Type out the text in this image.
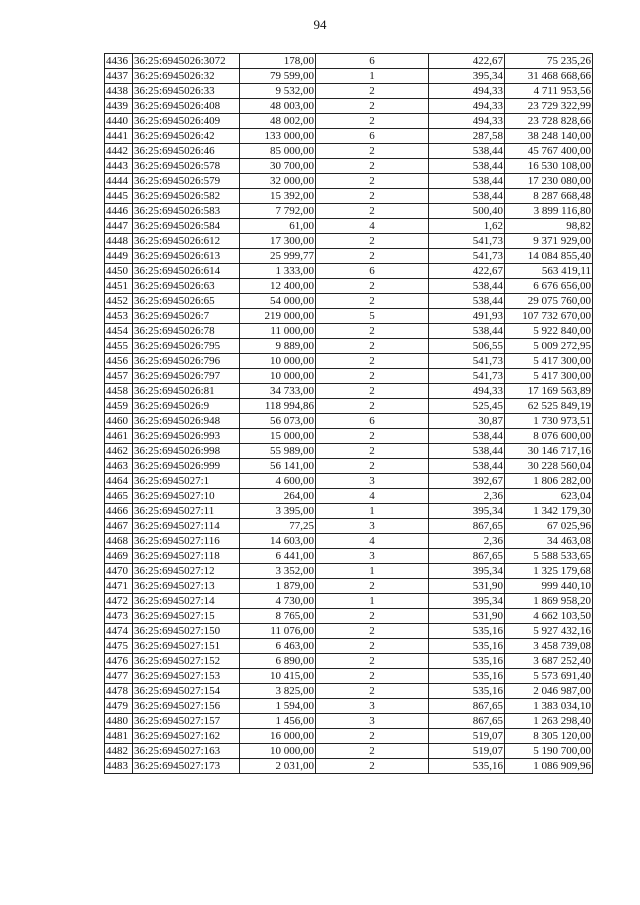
94
4436	36:25:6945026:3072	178,00	6	422,67	75 235,26
4437	36:25:6945026:32	79 599,00	1	395,34	31 468 668,66
4438	36:25:6945026:33	9 532,00	2	494,33	4 711 953,56
4439	36:25:6945026:408	48 003,00	2	494,33	23 729 322,99
4440	36:25:6945026:409	48 002,00	2	494,33	23 728 828,66
4441	36:25:6945026:42	133 000,00	6	287,58	38 248 140,00
4442	36:25:6945026:46	85 000,00	2	538,44	45 767 400,00
4443	36:25:6945026:578	30 700,00	2	538,44	16 530 108,00
4444	36:25:6945026:579	32 000,00	2	538,44	17 230 080,00
4445	36:25:6945026:582	15 392,00	2	538,44	8 287 668,48
4446	36:25:6945026:583	7 792,00	2	500,40	3 899 116,80
4447	36:25:6945026:584	61,00	4	1,62	98,82
4448	36:25:6945026:612	17 300,00	2	541,73	9 371 929,00
4449	36:25:6945026:613	25 999,77	2	541,73	14 084 855,40
4450	36:25:6945026:614	1 333,00	6	422,67	563 419,11
4451	36:25:6945026:63	12 400,00	2	538,44	6 676 656,00
4452	36:25:6945026:65	54 000,00	2	538,44	29 075 760,00
4453	36:25:6945026:7	219 000,00	5	491,93	107 732 670,00
4454	36:25:6945026:78	11 000,00	2	538,44	5 922 840,00
4455	36:25:6945026:795	9 889,00	2	506,55	5 009 272,95
4456	36:25:6945026:796	10 000,00	2	541,73	5 417 300,00
4457	36:25:6945026:797	10 000,00	2	541,73	5 417 300,00
4458	36:25:6945026:81	34 733,00	2	494,33	17 169 563,89
4459	36:25:6945026:9	118 994,86	2	525,45	62 525 849,19
4460	36:25:6945026:948	56 073,00	6	30,87	1 730 973,51
4461	36:25:6945026:993	15 000,00	2	538,44	8 076 600,00
4462	36:25:6945026:998	55 989,00	2	538,44	30 146 717,16
4463	36:25:6945026:999	56 141,00	2	538,44	30 228 560,04
4464	36:25:6945027:1	4 600,00	3	392,67	1 806 282,00
4465	36:25:6945027:10	264,00	4	2,36	623,04
4466	36:25:6945027:11	3 395,00	1	395,34	1 342 179,30
4467	36:25:6945027:114	77,25	3	867,65	67 025,96
4468	36:25:6945027:116	14 603,00	4	2,36	34 463,08
4469	36:25:6945027:118	6 441,00	3	867,65	5 588 533,65
4470	36:25:6945027:12	3 352,00	1	395,34	1 325 179,68
4471	36:25:6945027:13	1 879,00	2	531,90	999 440,10
4472	36:25:6945027:14	4 730,00	1	395,34	1 869 958,20
4473	36:25:6945027:15	8 765,00	2	531,90	4 662 103,50
4474	36:25:6945027:150	11 076,00	2	535,16	5 927 432,16
4475	36:25:6945027:151	6 463,00	2	535,16	3 458 739,08
4476	36:25:6945027:152	6 890,00	2	535,16	3 687 252,40
4477	36:25:6945027:153	10 415,00	2	535,16	5 573 691,40
4478	36:25:6945027:154	3 825,00	2	535,16	2 046 987,00
4479	36:25:6945027:156	1 594,00	3	867,65	1 383 034,10
4480	36:25:6945027:157	1 456,00	3	867,65	1 263 298,40
4481	36:25:6945027:162	16 000,00	2	519,07	8 305 120,00
4482	36:25:6945027:163	10 000,00	2	519,07	5 190 700,00
4483	36:25:6945027:173	2 031,00	2	535,16	1 086 909,96
